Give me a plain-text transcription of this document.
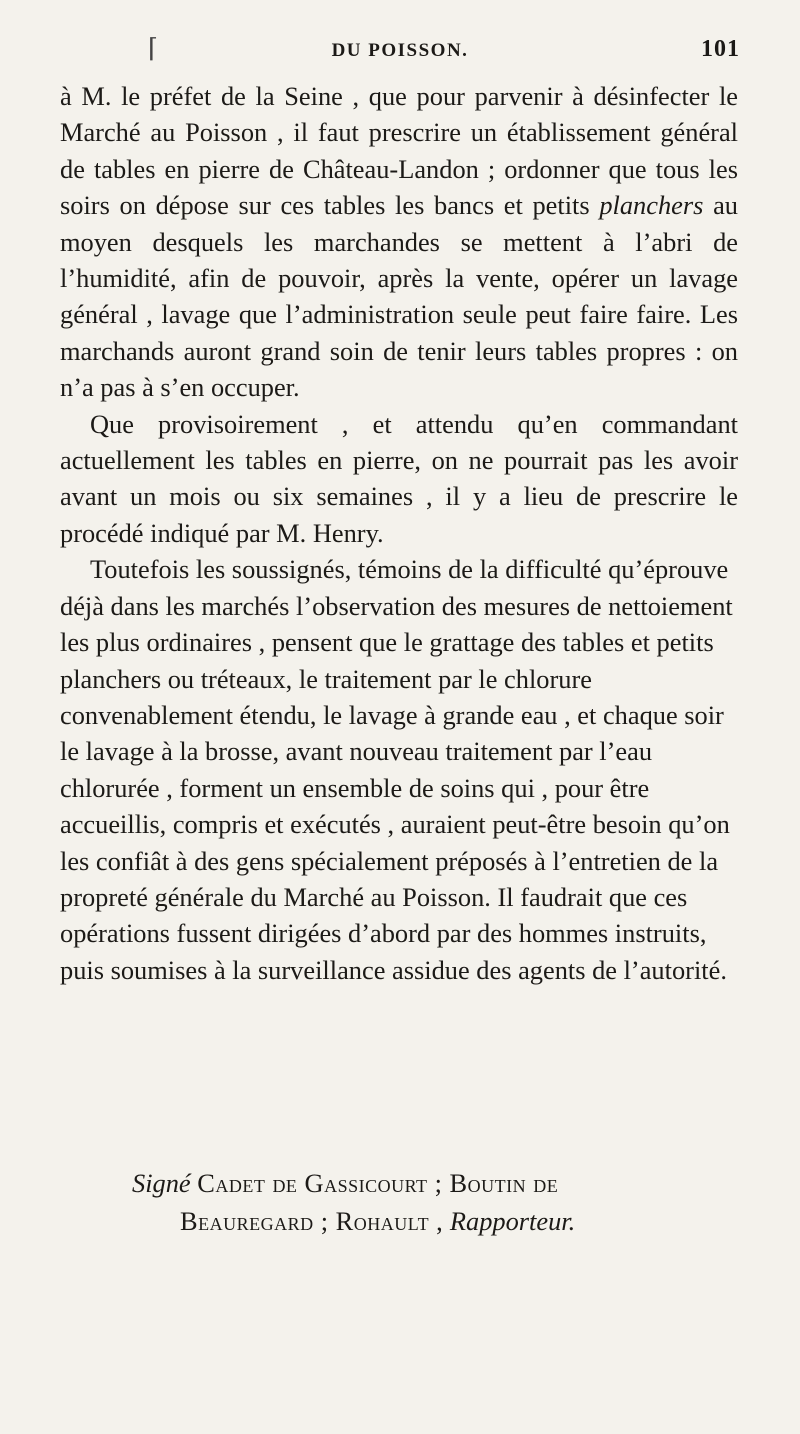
⌈	DU POISSON.	101

à M. le préfet de la Seine , que pour parvenir à désinfecter le Marché au Poisson , il faut prescrire un établissement général de tables en pierre de Château-Landon ; ordonner que tous les soirs on dépose sur ces tables les bancs et petits planchers au moyen desquels les marchandes se mettent à l’abri de l’humidité, afin de pouvoir, après la vente, opérer un lavage général , lavage que l’administration seule peut faire faire. Les marchands auront grand soin de tenir leurs tables propres : on n’a pas à s’en occuper.

Que provisoirement , et attendu qu’en commandant actuellement les tables en pierre, on ne pourrait pas les avoir avant un mois ou six semaines , il y a lieu de prescrire le procédé indiqué par M. Henry.

Toutefois les soussignés, témoins de la difficulté qu’éprouve déjà dans les marchés l’observation des mesures de nettoiement les plus ordinaires , pensent que le grattage des tables et petits planchers ou tréteaux, le traitement par le chlorure convenablement étendu, le lavage à grande eau , et chaque soir le lavage à la brosse, avant nouveau traitement par l’eau chlorurée , forment un ensemble de soins qui , pour être accueillis, compris et exécutés , auraient peut-être besoin qu’on les confiât à des gens spécialement préposés à l’entretien de la propreté générale du Marché au Poisson. Il faudrait que ces opérations fussent dirigées d’abord par des hommes instruits, puis soumises à la surveillance assidue des agents de l’autorité.

Signé Cadet de Gassicourt ; Boutin de
Beauregard ; Rohault , Rapporteur.
